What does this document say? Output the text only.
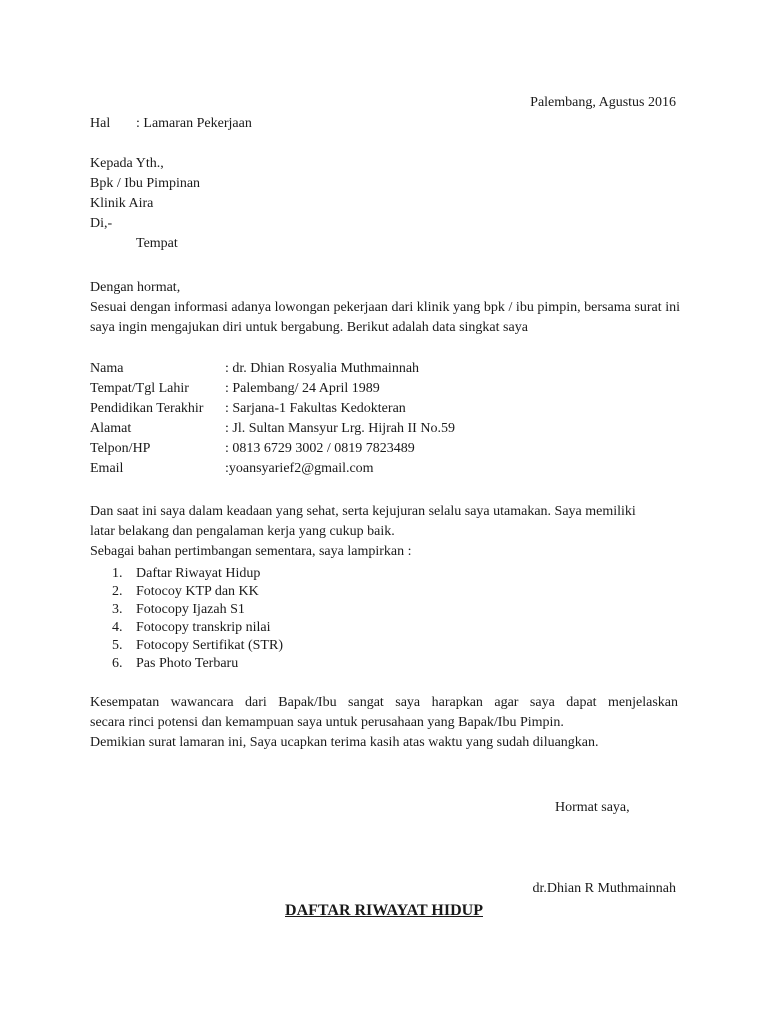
Palembang, Agustus 2016
Hal : Lamaran Pekerjaan
Kepada Yth.,
Bpk / Ibu Pimpinan
Klinik Aira
Di,-
Tempat
Dengan hormat,

Sesuai dengan informasi adanya lowongan pekerjaan dari klinik yang bpk / ibu pimpin, bersama surat ini saya ingin mengajukan diri untuk bergabung. Berikut adalah data singkat saya

Nama	: dr. Dhian Rosyalia Muthmainnah
Tempat/Tgl Lahir	: Palembang/ 24 April 1989
Pendidikan Terakhir	: Sarjana-1 Fakultas Kedokteran
Alamat	: Jl. Sultan Mansyur Lrg. Hijrah II No.59
Telpon/HP	: 0813 6729 3002 / 0819 7823489
Email	:yoansyarief2@gmail.com

Dan saat ini saya dalam keadaan yang sehat, serta kejujuran selalu saya utamakan. Saya memiliki

latar belakang dan pengalaman kerja yang cukup baik.

Sebagai bahan pertimbangan sementara, saya lampirkan :

1. Daftar Riwayat Hidup
2. Fotocoy KTP dan KK
3. Fotocopy Ijazah S1
4. Fotocopy transkrip nilai
5. Fotocopy Sertifikat (STR)
6. Pas Photo Terbaru

Kesempatan wawancara dari Bapak/Ibu sangat saya harapkan agar saya dapat menjelaskan

secara rinci potensi dan kemampuan saya untuk perusahaan yang Bapak/Ibu Pimpin.

Demikian surat lamaran ini, Saya ucapkan terima kasih atas waktu yang sudah diluangkan.

Hormat saya,
dr.Dhian R Muthmainnah
DAFTAR RIWAYAT HIDUP
